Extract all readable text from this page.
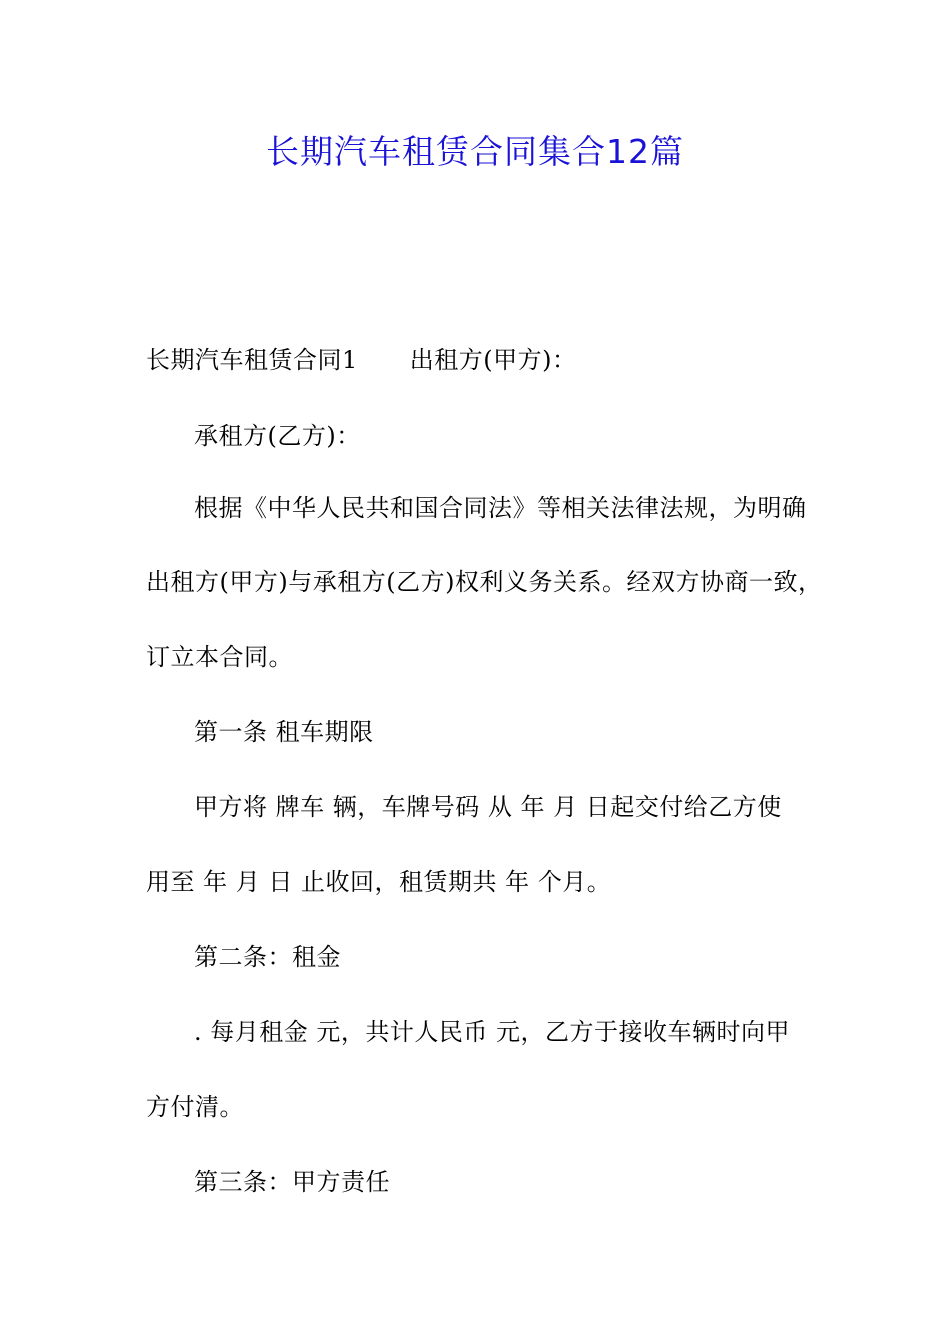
长期汽车租赁合同集合12篇
长期汽车租赁合同1 出租方(甲方)：
承租方(乙方)：
根据《中华人民共和国合同法》等相关法律法规，为明确
出租方(甲方)与承租方(乙方)权利义务关系。经双方协商一致，
订立本合同。
第一条 租车期限
甲方将 牌车 辆，车牌号码 从 年 月 日起交付给乙方使
用至 年 月 日 止收回，租赁期共 年 个月。
第二条：租金
. 每月租金 元，共计人民币 元，乙方于接收车辆时向甲
方付清。
第三条：甲方责任
